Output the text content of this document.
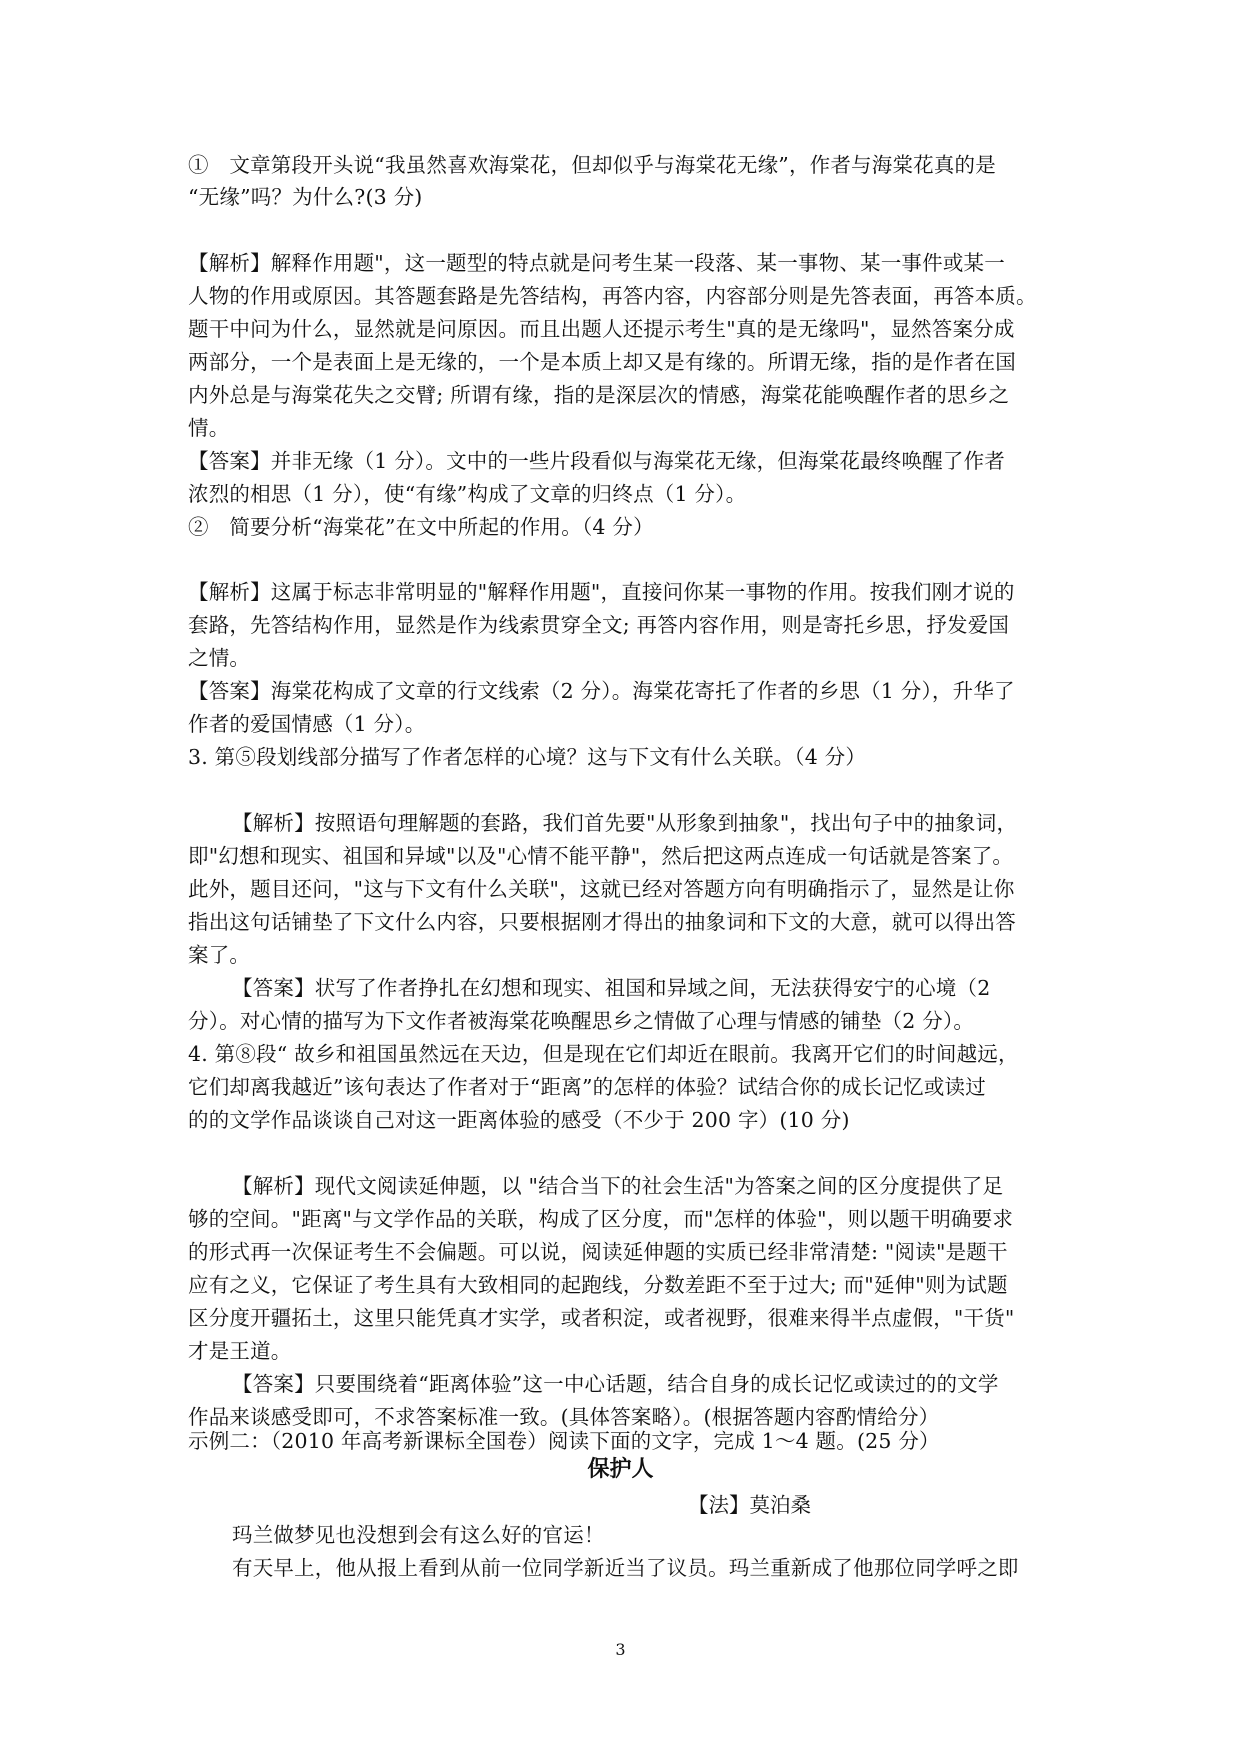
①　文章第段开头说“我虽然喜欢海棠花，但却似乎与海棠花无缘”，作者与海棠花真的是
“无缘”吗？为什么?(3 分)
【解析】解释作用题"，这一题型的特点就是问考生某一段落、某一事物、某一事件或某一
人物的作用或原因。其答题套路是先答结构，再答内容，内容部分则是先答表面，再答本质。
题干中问为什么，显然就是问原因。而且出题人还提示考生"真的是无缘吗"，显然答案分成
两部分，一个是表面上是无缘的，一个是本质上却又是有缘的。所谓无缘，指的是作者在国
内外总是与海棠花失之交臂; 所谓有缘，指的是深层次的情感，海棠花能唤醒作者的思乡之
情。
【答案】并非无缘（1 分）。文中的一些片段看似与海棠花无缘，但海棠花最终唤醒了作者
浓烈的相思（1 分），使“有缘”构成了文章的归终点（1 分）。
②　简要分析“海棠花”在文中所起的作用。（4 分）
【解析】这属于标志非常明显的"解释作用题"，直接问你某一事物的作用。按我们刚才说的
套路，先答结构作用，显然是作为线索贯穿全文; 再答内容作用，则是寄托乡思，抒发爱国
之情。
【答案】海棠花构成了文章的行文线索（2 分）。海棠花寄托了作者的乡思（1 分），升华了
作者的爱国情感（1 分）。
3. 第⑤段划线部分描写了作者怎样的心境？这与下文有什么关联。（4 分）
【解析】按照语句理解题的套路，我们首先要"从形象到抽象"，找出句子中的抽象词，
即"幻想和现实、祖国和异域"以及"心情不能平静"，然后把这两点连成一句话就是答案了。
此外，题目还问，"这与下文有什么关联"，这就已经对答题方向有明确指示了，显然是让你
指出这句话铺垫了下文什么内容，只要根据刚才得出的抽象词和下文的大意，就可以得出答
案了。
【答案】状写了作者挣扎在幻想和现实、祖国和异域之间，无法获得安宁的心境（2
分）。对心情的描写为下文作者被海棠花唤醒思乡之情做了心理与情感的铺垫（2 分）。
4. 第⑧段“ 故乡和祖国虽然远在天边，但是现在它们却近在眼前。我离开它们的时间越远，
它们却离我越近”该句表达了作者对于“距离”的怎样的体验？试结合你的成长记忆或读过
的的文学作品谈谈自己对这一距离体验的感受（不少于 200 字）(10 分)
【解析】现代文阅读延伸题，以 "结合当下的社会生活"为答案之间的区分度提供了足
够的空间。"距离"与文学作品的关联，构成了区分度，而"怎样的体验"，则以题干明确要求
的形式再一次保证考生不会偏题。可以说，阅读延伸题的实质已经非常清楚: "阅读"是题干
应有之义，它保证了考生具有大致相同的起跑线，分数差距不至于过大; 而"延伸"则为试题
区分度开疆拓土，这里只能凭真才实学，或者积淀，或者视野，很难来得半点虚假，"干货"
才是王道。
【答案】只要围绕着“距离体验”这一中心话题，结合自身的成长记忆或读过的的文学
作品来谈感受即可，不求答案标准一致。(具体答案略）。(根据答题内容酌情给分）
示例二：（2010 年高考新课标全国卷）阅读下面的文字，完成 1～4 题。(25 分）
保护人
【法】莫泊桑
玛兰做梦见也没想到会有这么好的官运！
有天早上，他从报上看到从前一位同学新近当了议员。玛兰重新成了他那位同学呼之即
3
